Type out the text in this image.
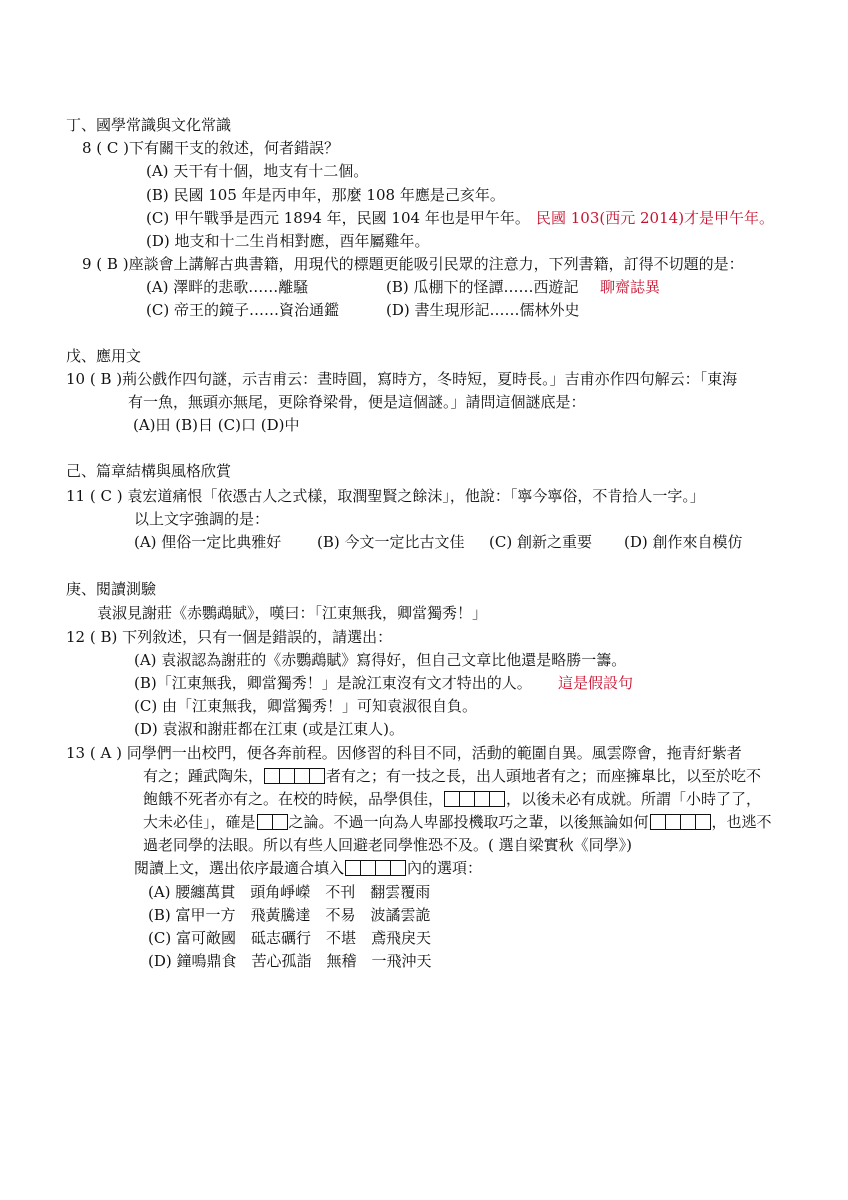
丁、國學常識與文化常識
8 ( C )下有關干支的敘述，何者錯誤？
(A) 天干有十個，地支有十二個。
(B) 民國 105 年是丙申年，那麼 108 年應是己亥年。
(C) 甲午戰爭是西元 1894 年，民國 104 年也是甲午年。 民國 103(西元 2014)才是甲午年。
(D) 地支和十二生肖相對應，酉年屬雞年。
9 ( B )座談會上講解古典書籍，用現代的標題更能吸引民眾的注意力，下列書籍，訂得不切題的是：
(A) 澤畔的悲歌……離騷	(B) 瓜棚下的怪譚……西遊記 聊齋誌異
(C) 帝王的鏡子……資治通鑑	(D) 書生現形記……儒林外史
戊、應用文
10 ( B )荊公戲作四句謎，示吉甫云：晝時圓，寫時方，冬時短，夏時長。」吉甫亦作四句解云：「東海
有一魚，無頭亦無尾，更除脊梁骨，便是這個謎。」請問這個謎底是：
(A)田 (B)日 (C)口 (D)中
己、篇章結構與風格欣賞
11 ( C ) 袁宏道痛恨「依憑古人之式樣，取潤聖賢之餘沫」，他說：「寧今寧俗，不肯拾人一字。」
以上文字強調的是：
(A) 俚俗一定比典雅好 (B) 今文一定比古文佳 (C) 創新之重要 (D) 創作來自模仿
庚、閱讀測驗
袁淑見謝莊《赤鸚鵡賦》，嘆曰：「江東無我，卿當獨秀！」
12 ( B) 下列敘述，只有一個是錯誤的，請選出：
(A) 袁淑認為謝莊的《赤鸚鵡賦》寫得好，但自己文章比他還是略勝一籌。
(B)「江東無我，卿當獨秀！」是說江東沒有文才特出的人。 這是假設句
(C) 由「江東無我，卿當獨秀！」可知袁淑很自負。
(D) 袁淑和謝莊都在江東 (或是江東人)。
13 ( A ) 同學們一出校門，便各奔前程。因修習的科目不同，活動的範圍自異。風雲際會，拖青紆紫者
有之；踵武陶朱，	者有之；有一技之長，出人頭地者有之；而座擁臯比，以至於吃不
飽餓不死者亦有之。在校的時候，品學俱佳，	，以後未必有成就。所謂「小時了了，
大未必佳」，確是 之論。不過一向為人卑鄙投機取巧之輩，以後無論如何	，也逃不
過老同學的法眼。所以有些人回避老同學惟恐不及。( 選自梁實秋《同學》)
閱讀上文，選出依序最適合填入	內的選項：
(A) 腰纏萬貫　頭角崢嶸　不刊　翻雲覆雨
(B) 富甲一方　飛黃騰達　不易　波譎雲詭
(C) 富可敵國　砥志礪行　不堪　鳶飛戾天
(D) 鐘鳴鼎食　苦心孤詣　無稽　一飛沖天
